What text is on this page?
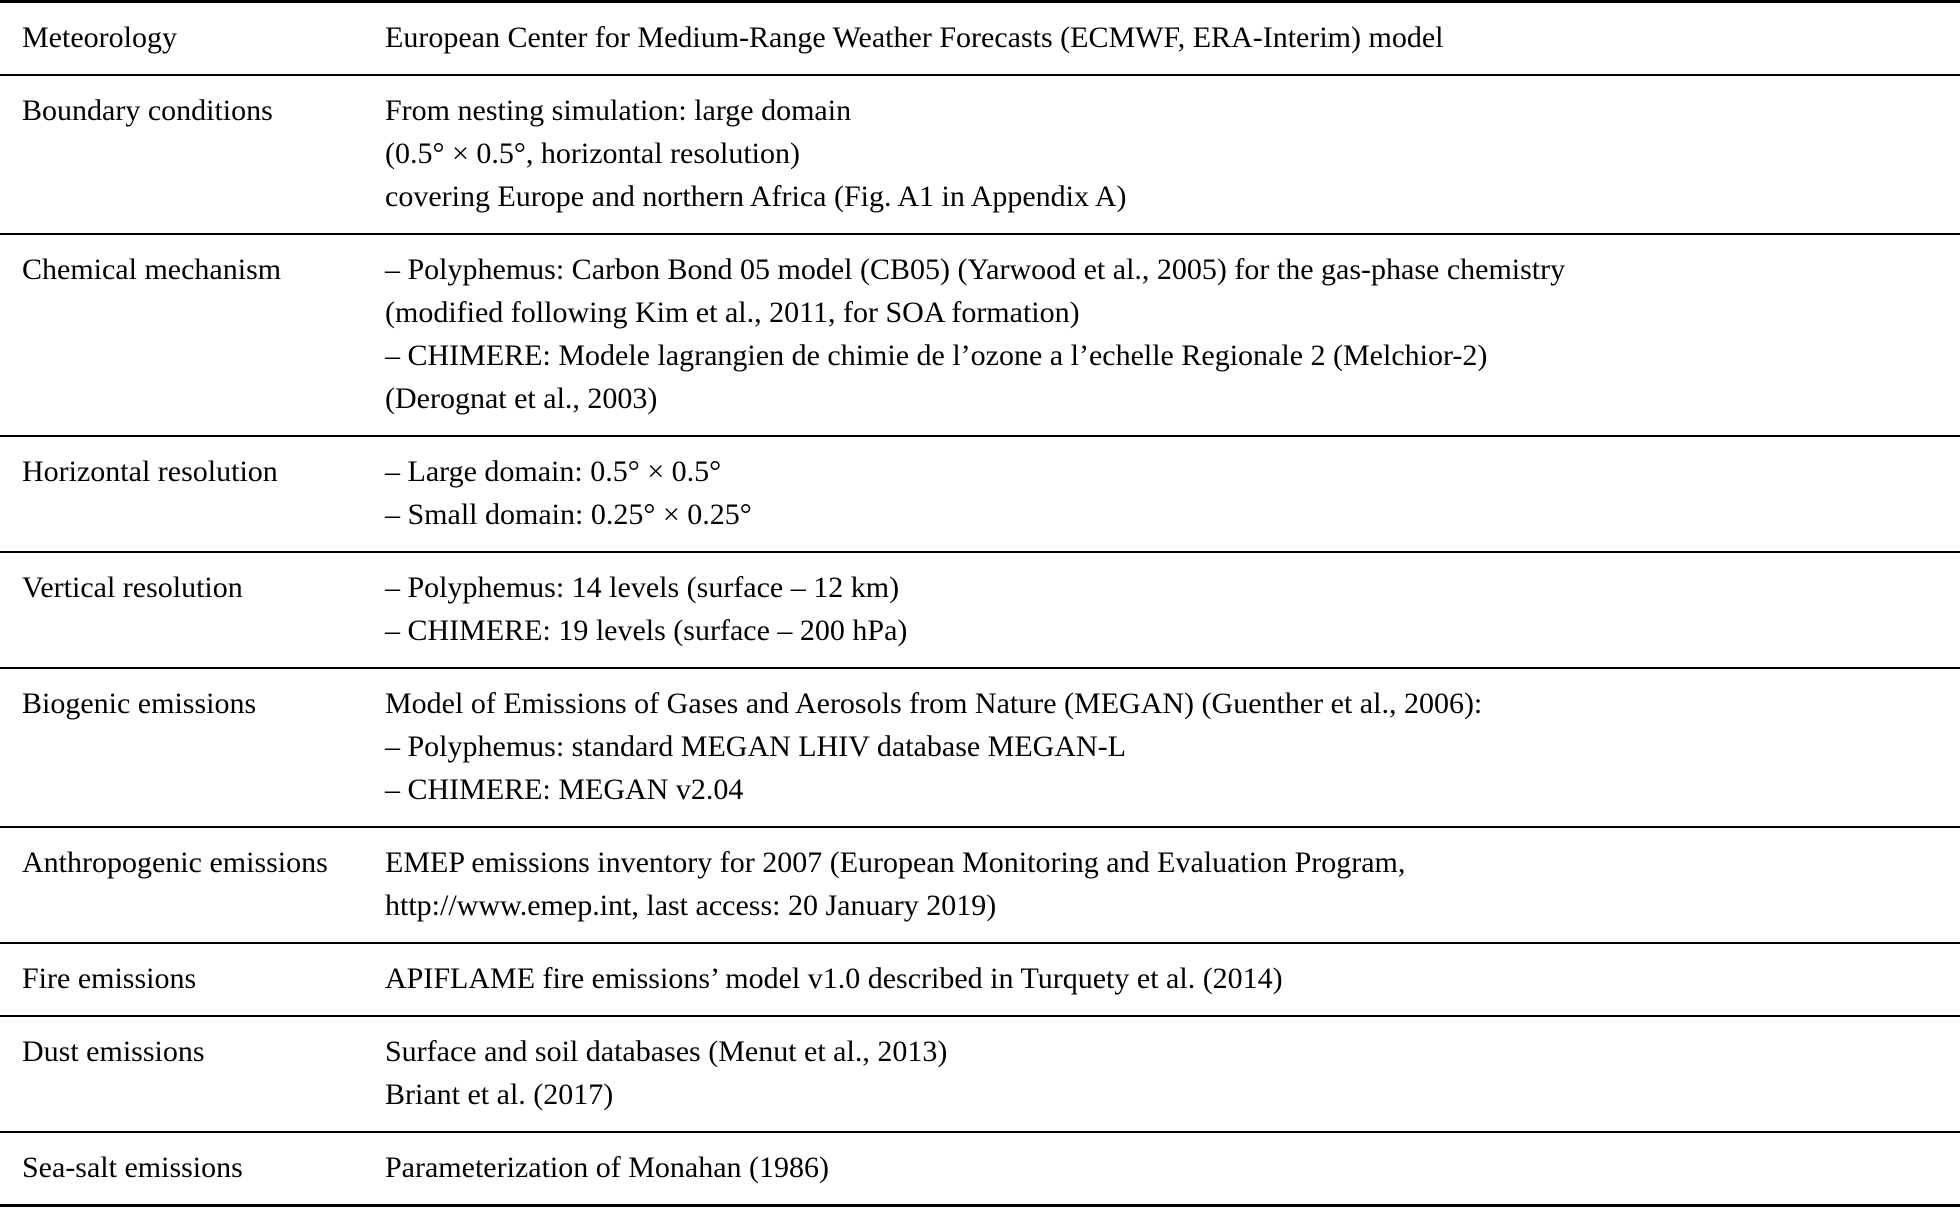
Meteorology	European Center for Medium-Range Weather Forecasts (ECMWF, ERA-Interim) model

Boundary conditions	From nesting simulation: large domain
(0.5° × 0.5°, horizontal resolution)
covering Europe and northern Africa (Fig. A1 in Appendix A)

Chemical mechanism	– Polyphemus: Carbon Bond 05 model (CB05) (Yarwood et al., 2005) for the gas-phase chemistry
(modified following Kim et al., 2011, for SOA formation)
– CHIMERE: Modele lagrangien de chimie de l’ozone a l’echelle Regionale 2 (Melchior-2)
(Derognat et al., 2003)

Horizontal resolution	– Large domain: 0.5° × 0.5°
– Small domain: 0.25° × 0.25°

Vertical resolution	– Polyphemus: 14 levels (surface – 12 km)
– CHIMERE: 19 levels (surface – 200 hPa)

Biogenic emissions	Model of Emissions of Gases and Aerosols from Nature (MEGAN) (Guenther et al., 2006):
– Polyphemus: standard MEGAN LHIV database MEGAN-L
– CHIMERE: MEGAN v2.04

Anthropogenic emissions	EMEP emissions inventory for 2007 (European Monitoring and Evaluation Program,
http://www.emep.int, last access: 20 January 2019)

Fire emissions	APIFLAME fire emissions’ model v1.0 described in Turquety et al. (2014)

Dust emissions	Surface and soil databases (Menut et al., 2013)
Briant et al. (2017)

Sea-salt emissions	Parameterization of Monahan (1986)
